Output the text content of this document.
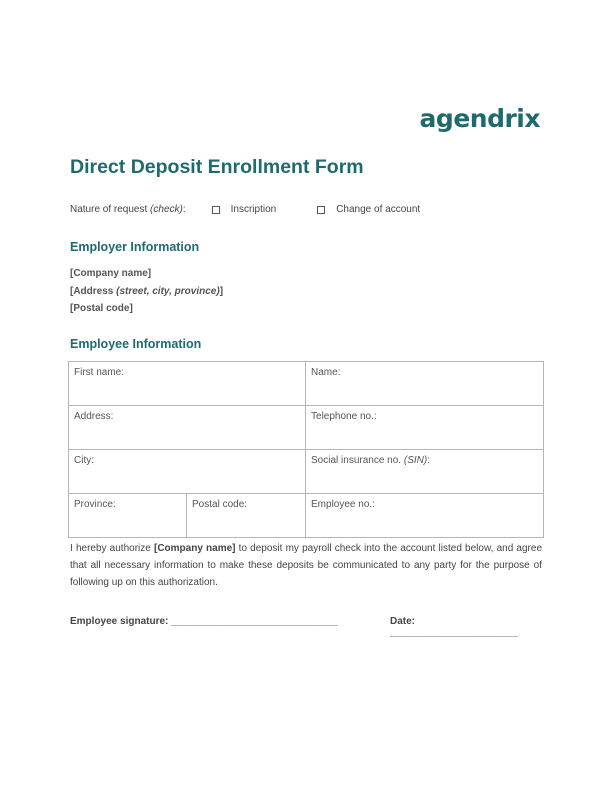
agendrix
Direct Deposit Enrollment Form
Nature of request (check):	Inscription	Change of account
Employer Information
[Company name]
[Address (street, city, province)]
[Postal code]
Employee Information
First name:		Name:
Address:		Telephone no.:
City:		Social insurance no. (SIN):
Province:	Postal code:	Employee no.:

I hereby authorize [Company name] to deposit my payroll check into the account listed below, and agree that all necessary information to make these deposits be communicated to any party for the purpose of following up on this authorization.

Employee signature: ______________________________	Date: _______________________
